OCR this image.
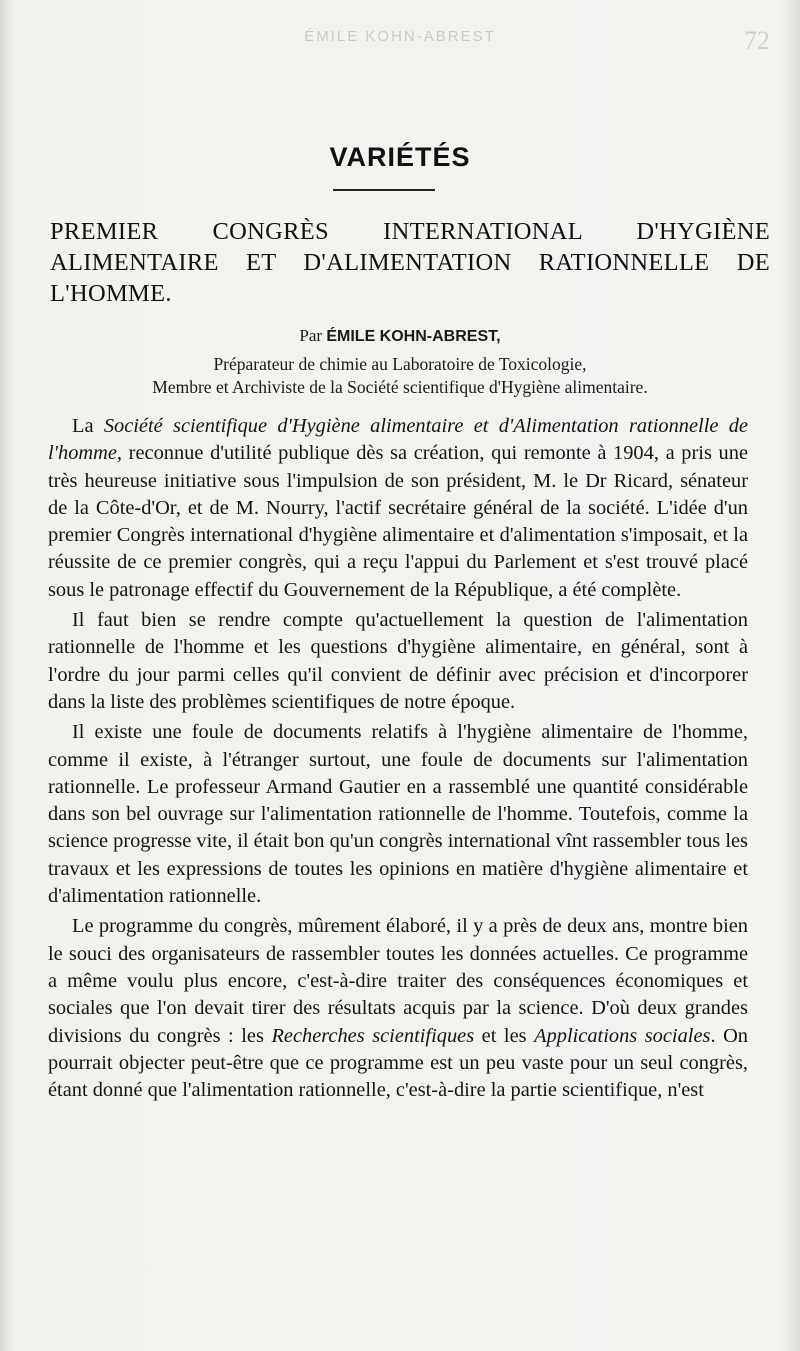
ÉMILE KOHN-ABREST	72
VARIÉTÉS
PREMIER CONGRÈS INTERNATIONAL D'HYGIÈNE ALIMENTAIRE ET D'ALIMENTATION RATIONNELLE DE L'HOMME.
Par ÉMILE KOHN-ABREST,
Préparateur de chimie au Laboratoire de Toxicologie,
Membre et Archiviste de la Société scientifique d'Hygiène alimentaire.

La Société scientifique d'Hygiène alimentaire et d'Alimentation rationnelle de l'homme, reconnue d'utilité publique dès sa création, qui remonte à 1904, a pris une très heureuse initiative sous l'impulsion de son président, M. le Dr Ricard, sénateur de la Côte-d'Or, et de M. Nourry, l'actif secrétaire général de la société. L'idée d'un premier Congrès international d'hygiène alimentaire et d'alimentation s'imposait, et la réussite de ce premier congrès, qui a reçu l'appui du Parlement et s'est trouvé placé sous le patronage effectif du Gouvernement de la République, a été complète.

Il faut bien se rendre compte qu'actuellement la question de l'alimentation rationnelle de l'homme et les questions d'hygiène alimentaire, en général, sont à l'ordre du jour parmi celles qu'il convient de définir avec précision et d'incorporer dans la liste des problèmes scientifiques de notre époque.

Il existe une foule de documents relatifs à l'hygiène alimentaire de l'homme, comme il existe, à l'étranger surtout, une foule de documents sur l'alimentation rationnelle. Le professeur Armand Gautier en a rassemblé une quantité considérable dans son bel ouvrage sur l'alimentation rationnelle de l'homme. Toutefois, comme la science progresse vite, il était bon qu'un congrès international vînt rassembler tous les travaux et les expressions de toutes les opinions en matière d'hygiène alimentaire et d'alimentation rationnelle.

Le programme du congrès, mûrement élaboré, il y a près de deux ans, montre bien le souci des organisateurs de rassembler toutes les données actuelles. Ce programme a même voulu plus encore, c'est-à-dire traiter des conséquences économiques et sociales que l'on devait tirer des résultats acquis par la science. D'où deux grandes divisions du congrès : les Recherches scientifiques et les Applications sociales. On pourrait objecter peut-être que ce programme est un peu vaste pour un seul congrès, étant donné que l'alimentation rationnelle, c'est-à-dire la partie scientifique, n'est
